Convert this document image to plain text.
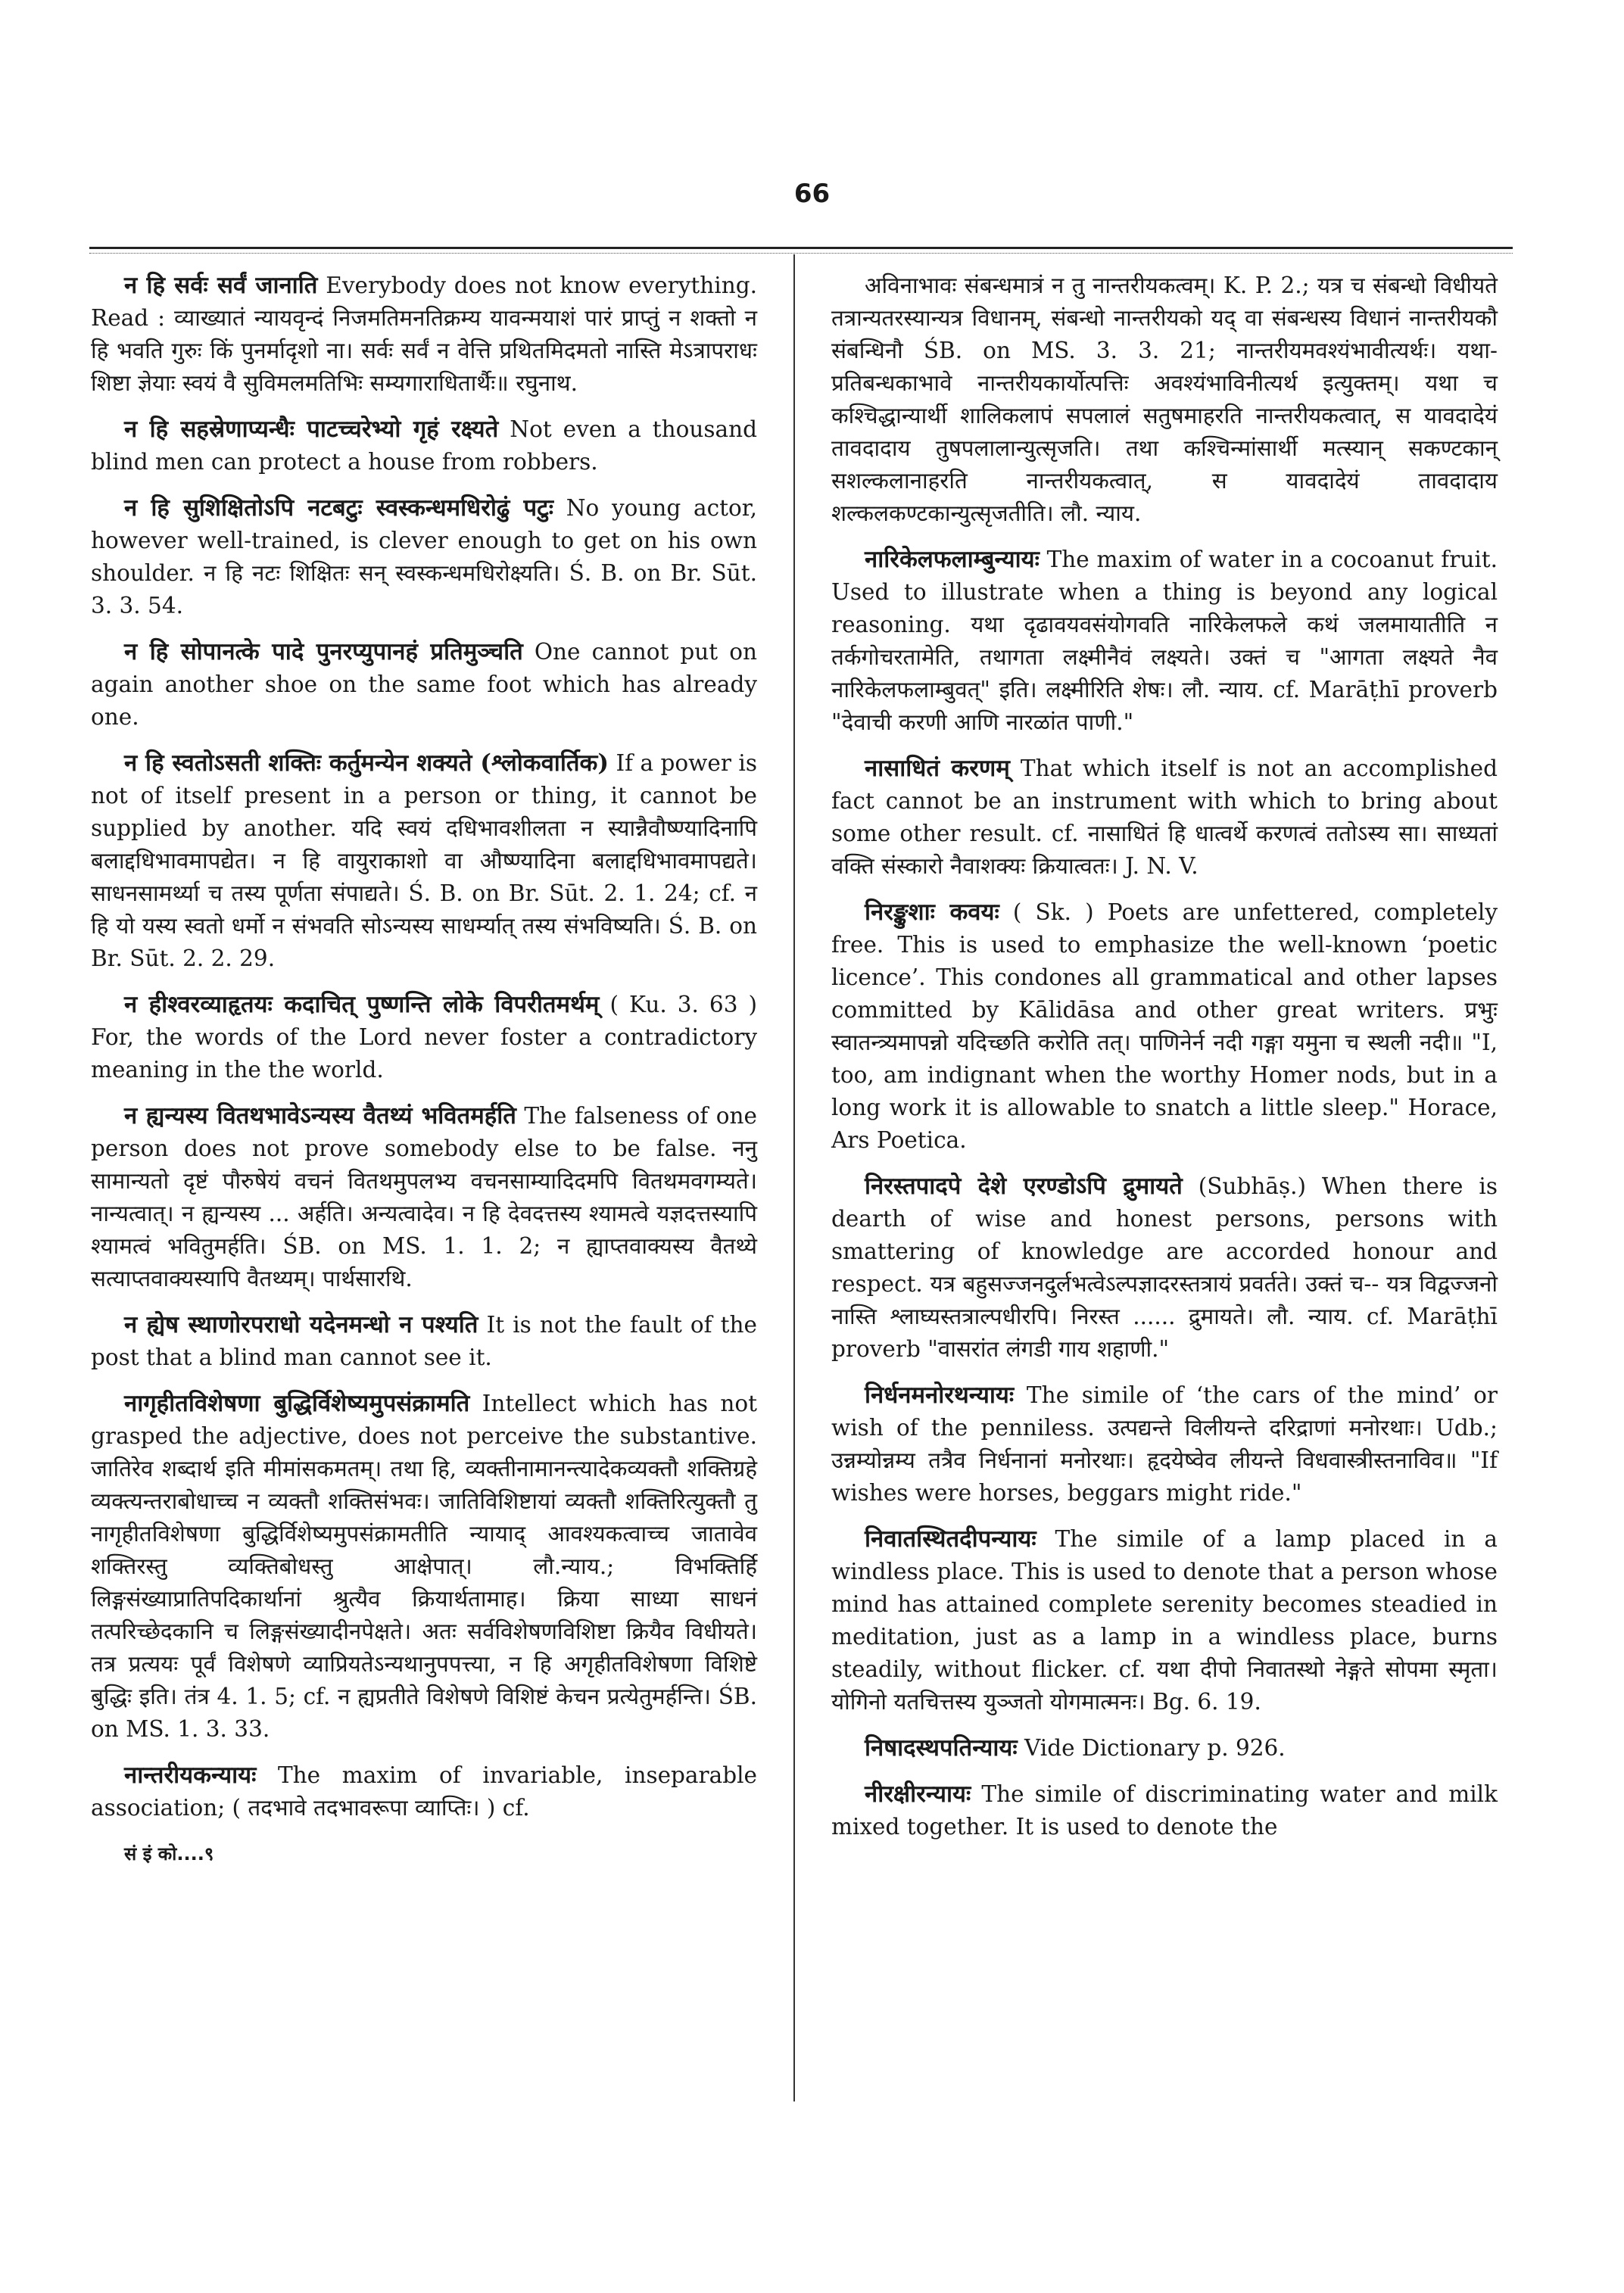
66

न हि सर्वः सर्वं जानाति Everybody does not know everything. Read : व्याख्यातं न्यायवृन्दं निजमतिमनतिक्रम्य यावन्मयाशं पारं प्राप्तुं न शक्तो न हि भवति गुरुः किं पुनर्मादृशो ना। सर्वः सर्वं न वेत्ति प्रथितमिदमतो नास्ति मेऽत्रापराधः शिष्टा ज्ञेयाः स्वयं वै सुविमलमतिभिः सम्यगाराधितार्थैः॥ रघुनाथ.

न हि सहस्रेणाप्यन्धैः पाटच्चरेभ्यो गृहं रक्ष्यते Not even a thousand blind men can protect a house from robbers.

न हि सुशिक्षितोऽपि नटबटुः स्वस्कन्धमधिरोढुं पटुः No young actor, however well-trained, is clever enough to get on his own shoulder. न हि नटः शिक्षितः सन् स्वस्कन्धमधिरोक्ष्यति। Ś. B. on Br. Sūt. 3. 3. 54.

न हि सोपानत्के पादे पुनरप्युपानहं प्रतिमुञ्चति One cannot put on again another shoe on the same foot which has already one.

न हि स्वतोऽसती शक्तिः कर्तुमन्येन शक्यते (श्लोकवार्तिक) If a power is not of itself present in a person or thing, it cannot be supplied by another. यदि स्वयं दधिभावशीलता न स्यान्नैवौष्ण्यादिनापि बलाद्दधिभावमापद्येत। न हि वायुराकाशो वा औष्ण्यादिना बलाद्दधिभावमापद्यते। साधनसामर्थ्या च तस्य पूर्णता संपाद्यते। Ś. B. on Br. Sūt. 2. 1. 24; cf. न हि यो यस्य स्वतो धर्मो न संभवति सोऽन्यस्य साधर्म्यात् तस्य संभविष्यति। Ś. B. on Br. Sūt. 2. 2. 29.

न हीश्वरव्याहृतयः कदाचित् पुष्णन्ति लोके विपरीतमर्थम् ( Ku. 3. 63 ) For, the words of the Lord never foster a contradictory meaning in the the world.

न ह्यन्यस्य वितथभावेऽन्यस्य वैतथ्यं भवितमर्हति The falseness of one person does not prove somebody else to be false. ननु सामान्यतो दृष्टं पौरुषेयं वचनं वितथमुपलभ्य वचनसाम्यादिदमपि वितथमवगम्यते। नान्यत्वात्। न ह्यन्यस्य ... अर्हति। अन्यत्वादेव। न हि देवदत्तस्य श्यामत्वे यज्ञदत्तस्यापि श्यामत्वं भवितुमर्हति। ŚB. on MS. 1. 1. 2; न ह्याप्तवाक्यस्य वैतथ्ये सत्याप्तवाक्यस्यापि वैतथ्यम्। पार्थसारथि.

न ह्येष स्थाणोरपराधो यदेनमन्धो न पश्यति It is not the fault of the post that a blind man cannot see it.

नागृहीतविशेषणा बुद्धिर्विशेष्यमुपसंक्रामति Intellect which has not grasped the adjective, does not perceive the substantive. जातिरेव शब्दार्थ इति मीमांसकमतम्। तथा हि, व्यक्तीनामानन्त्यादेकव्यक्तौ शक्तिग्रहे व्यक्त्यन्तराबोधाच्च न व्यक्तौ शक्तिसंभवः। जातिविशिष्टायां व्यक्तौ शक्तिरित्युक्तौ तु नागृहीतविशेषणा बुद्धिर्विशेष्यमुपसंक्रामतीति न्यायाद् आवश्यकत्वाच्च जातावेव शक्तिरस्तु व्यक्तिबोधस्तु आक्षेपात्। लौ.न्याय.; विभक्तिर्हि लिङ्गसंख्याप्रातिपदिकार्थानां श्रुत्यैव क्रियार्थतामाह। क्रिया साध्या साधनं तत्परिच्छेदकानि च लिङ्गसंख्यादीनपेक्षते। अतः सर्वविशेषणविशिष्टा क्रियैव विधीयते। तत्र प्रत्ययः पूर्वं विशेषणे व्याप्रियतेऽन्यथानुपपत्त्या, न हि अगृहीतविशेषणा विशिष्टे बुद्धिः इति। तंत्र 4. 1. 5; cf. न ह्यप्रतीते विशेषणे विशिष्टं केचन प्रत्येतुमर्हन्ति। ŚB. on MS. 1. 3. 33.

नान्तरीयकन्यायः The maxim of invariable, inseparable association; ( तदभावे तदभावरूपा व्याप्तिः। ) cf.

सं इं को....९

अविनाभावः संबन्धमात्रं न तु नान्तरीयकत्वम्। K. P. 2.; यत्र च संबन्धो विधीयते तत्रान्यतरस्यान्यत्र विधानम्, संबन्धो नान्तरीयको यद् वा संबन्धस्य विधानं नान्तरीयकौ संबन्धिनौ ŚB. on MS. 3. 3. 21; नान्तरीयमवश्यंभावीत्यर्थः। यथा- प्रतिबन्धकाभावे नान्तरीयकार्योत्पत्तिः अवश्यंभाविनीत्यर्थ इत्युक्तम्। यथा च कश्चिद्धान्यार्थी शालिकलापं सपलालं सतुषमाहरति नान्तरीयकत्वात्, स यावदादेयं तावदादाय तुषपलालान्युत्सृजति। तथा कश्चिन्मांसार्थी मत्स्यान् सकण्टकान् सशल्कलानाहरति नान्तरीयकत्वात्, स यावदादेयं तावदादाय शल्कलकण्टकान्युत्सृजतीति। लौ. न्याय.

नारिकेलफलाम्बुन्यायः The maxim of water in a cocoanut fruit. Used to illustrate when a thing is beyond any logical reasoning. यथा दृढावयवसंयोगवति नारिकेलफले कथं जलमायातीति न तर्कगोचरतामेति, तथागता लक्ष्मीनैवं लक्ष्यते। उक्तं च "आगता लक्ष्यते नैव नारिकेलफलाम्बुवत्" इति। लक्ष्मीरिति शेषः। लौ. न्याय. cf. Marāṭhī proverb "देवाची करणी आणि नारळांत पाणी."

नासाधितं करणम् That which itself is not an accomplished fact cannot be an instrument with which to bring about some other result. cf. नासाधितं हि धात्वर्थे करणत्वं ततोऽस्य सा। साध्यतां वक्ति संस्कारो नैवाशक्यः क्रियात्वतः। J. N. V.

निरङ्कुशाः कवयः ( Sk. ) Poets are unfettered, completely free. This is used to emphasize the well-known ‘poetic licence’. This condones all grammatical and other lapses committed by Kālidāsa and other great writers. प्रभुः स्वातन्त्र्यमापन्नो यदिच्छति करोति तत्। पाणिनेर्न नदी गङ्गा यमुना च स्थली नदी॥ "I, too, am indignant when the worthy Homer nods, but in a long work it is allowable to snatch a little sleep." Horace, Ars Poetica.

निरस्तपादपे देशे एरण्डोऽपि द्रुमायते (Subhāṣ.) When there is dearth of wise and honest persons, persons with smattering of knowledge are accorded honour and respect. यत्र बहुसज्जनदुर्लभत्वेऽल्पज्ञादरस्तत्रायं प्रवर्तते। उक्तं च-- यत्र विद्वज्जनो नास्ति श्लाघ्यस्तत्राल्पधीरपि। निरस्त ...... द्रुमायते। लौ. न्याय. cf. Marāṭhī proverb "वासरांत लंगडी गाय शहाणी."

निर्धनमनोरथन्यायः The simile of ‘the cars of the mind’ or wish of the penniless. उत्पद्यन्ते विलीयन्ते दरिद्राणां मनोरथाः। Udb.; उन्नम्योन्नम्य तत्रैव निर्धनानां मनोरथाः। हृदयेष्वेव लीयन्ते विधवास्त्रीस्तनाविव॥ "If wishes were horses, beggars might ride."

निवातस्थितदीपन्यायः The simile of a lamp placed in a windless place. This is used to denote that a person whose mind has attained complete serenity becomes steadied in meditation, just as a lamp in a windless place, burns steadily, without flicker. cf. यथा दीपो निवातस्थो नेङ्गते सोपमा स्मृता। योगिनो यतचित्तस्य युञ्जतो योगमात्मनः। Bg. 6. 19.

निषादस्थपतिन्यायः Vide Dictionary p. 926.

नीरक्षीरन्यायः The simile of discriminating water and milk mixed together. It is used to denote the
